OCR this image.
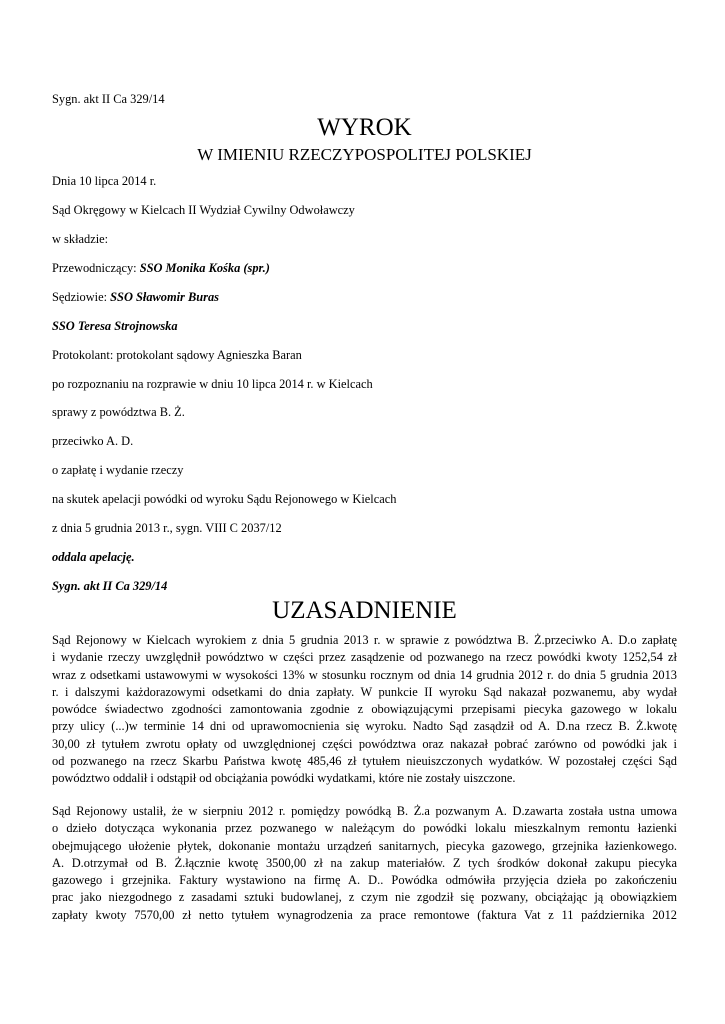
Sygn. akt II Ca 329/14
WYROK
W IMIENIU RZECZYPOSPOLITEJ POLSKIEJ
Dnia 10 lipca 2014 r.
Sąd Okręgowy w Kielcach II Wydział Cywilny Odwoławczy
w składzie:
Przewodniczący: SSO Monika Kośka (spr.)
Sędziowie: SSO Sławomir Buras
SSO Teresa Strojnowska
Protokolant: protokolant sądowy Agnieszka Baran
po rozpoznaniu na rozprawie w dniu 10 lipca 2014 r. w Kielcach
sprawy z powództwa B. Ż.
przeciwko A. D.
o zapłatę i wydanie rzeczy
na skutek apelacji powódki od wyroku Sądu Rejonowego w Kielcach
z dnia 5 grudnia 2013 r., sygn. VIII C 2037/12
oddala apelację.
Sygn. akt II Ca 329/14
UZASADNIENIE
Sąd Rejonowy w Kielcach wyrokiem z dnia 5 grudnia 2013 r. w sprawie z powództwa B. Ż.przeciwko A. D.o zapłatę
i wydanie rzeczy uwzględnił powództwo w części przez zasądzenie od pozwanego na rzecz powódki kwoty 1252,54 zł
wraz z odsetkami ustawowymi w wysokości 13% w stosunku rocznym od dnia 14 grudnia 2012 r. do dnia 5 grudnia 2013
r. i dalszymi każdorazowymi odsetkami do dnia zapłaty. W punkcie II wyroku Sąd nakazał pozwanemu, aby wydał
powódce świadectwo zgodności zamontowania zgodnie z obowiązującymi przepisami piecyka gazowego w lokalu
przy ulicy (...)w terminie 14 dni od uprawomocnienia się wyroku. Nadto Sąd zasądził od A. D.na rzecz B. Ż.kwotę
30,00 zł tytułem zwrotu opłaty od uwzględnionej części powództwa oraz nakazał pobrać zarówno od powódki jak i
od pozwanego na rzecz Skarbu Państwa kwotę 485,46 zł tytułem nieuiszczonych wydatków. W pozostałej części Sąd
powództwo oddalił i odstąpił od obciążania powódki wydatkami, które nie zostały uiszczone.
Sąd Rejonowy ustalił, że w sierpniu 2012 r. pomiędzy powódką B. Ż.a pozwanym A. D.zawarta została ustna umowa
o dzieło dotycząca wykonania przez pozwanego w należącym do powódki lokalu mieszkalnym remontu łazienki
obejmującego ułożenie płytek, dokonanie montażu urządzeń sanitarnych, piecyka gazowego, grzejnika łazienkowego.
A. D.otrzymał od B. Ż.łącznie kwotę 3500,00 zł na zakup materiałów. Z tych środków dokonał zakupu piecyka
gazowego i grzejnika. Faktury wystawiono na firmę A. D.. Powódka odmówiła przyjęcia dzieła po zakończeniu
prac jako niezgodnego z zasadami sztuki budowlanej, z czym nie zgodził się pozwany, obciążając ją obowiązkiem
zapłaty kwoty 7570,00 zł netto tytułem wynagrodzenia za prace remontowe (faktura Vat z 11 października 2012
